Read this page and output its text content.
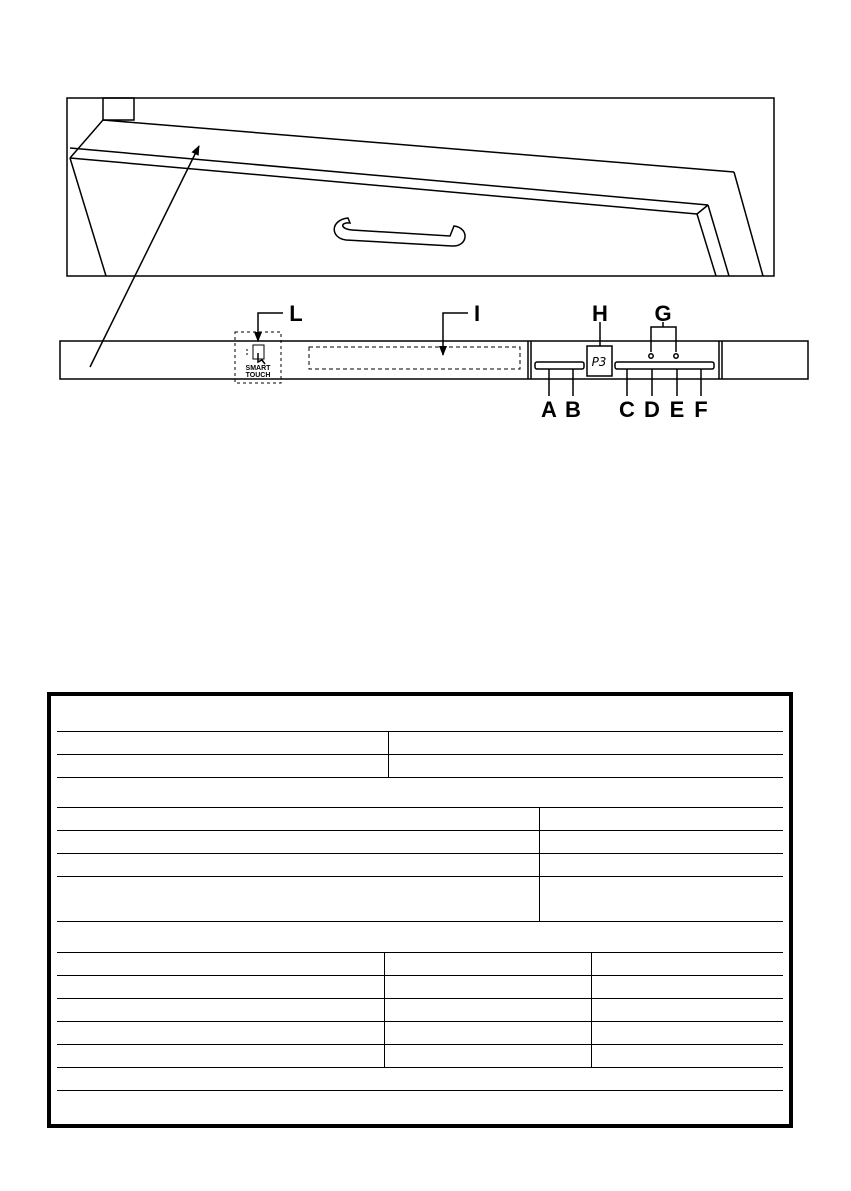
P3
SMART
TOUCH
L	I	H G
A B C D E F
